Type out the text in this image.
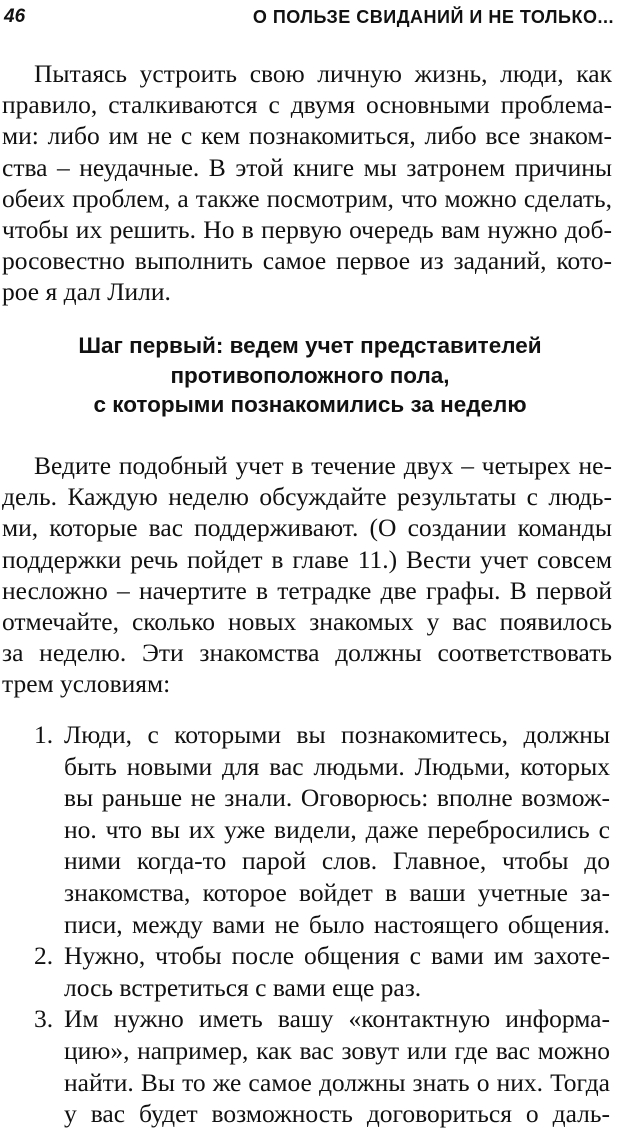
46	О ПОЛЬЗЕ СВИДАНИЙ И НЕ ТОЛЬКО...
Пытаясь устроить свою личную жизнь, люди, как
правило, сталкиваются с двумя основными проблема-
ми: либо им не с кем познакомиться, либо все знаком-
ства – неудачные. В этой книге мы затронем причины
обеих проблем, а также посмотрим, что можно сделать,
чтобы их решить. Но в первую очередь вам нужно доб-
росовестно выполнить самое первое из заданий, кото-
рое я дал Лили.
Шаг первый: ведем учет представителей
противоположного пола,
с которыми познакомились за неделю
Ведите подобный учет в течение двух – четырех не-
дель. Каждую неделю обсуждайте результаты с людь-
ми, которые вас поддерживают. (О создании команды
поддержки речь пойдет в главе 11.) Вести учет совсем
несложно – начертите в тетрадке две графы. В первой
отмечайте, сколько новых знакомых у вас появилось
за неделю. Эти знакомства должны соответствовать
трем условиям:
1. Люди, с которыми вы познакомитесь, должны
быть новыми для вас людьми. Людьми, которых
вы раньше не знали. Оговорюсь: вполне возмож-
но. что вы их уже видели, даже перебросились с
ними когда-то парой слов. Главное, чтобы до
знакомства, которое войдет в ваши учетные за-
писи, между вами не было настоящего общения.
2. Нужно, чтобы после общения с вами им захоте-
лось встретиться с вами еще раз.
3. Им нужно иметь вашу «контактную информа-
цию», например, как вас зовут или где вас можно
найти. Вы то же самое должны знать о них. Тогда
у вас будет возможность договориться о даль-
